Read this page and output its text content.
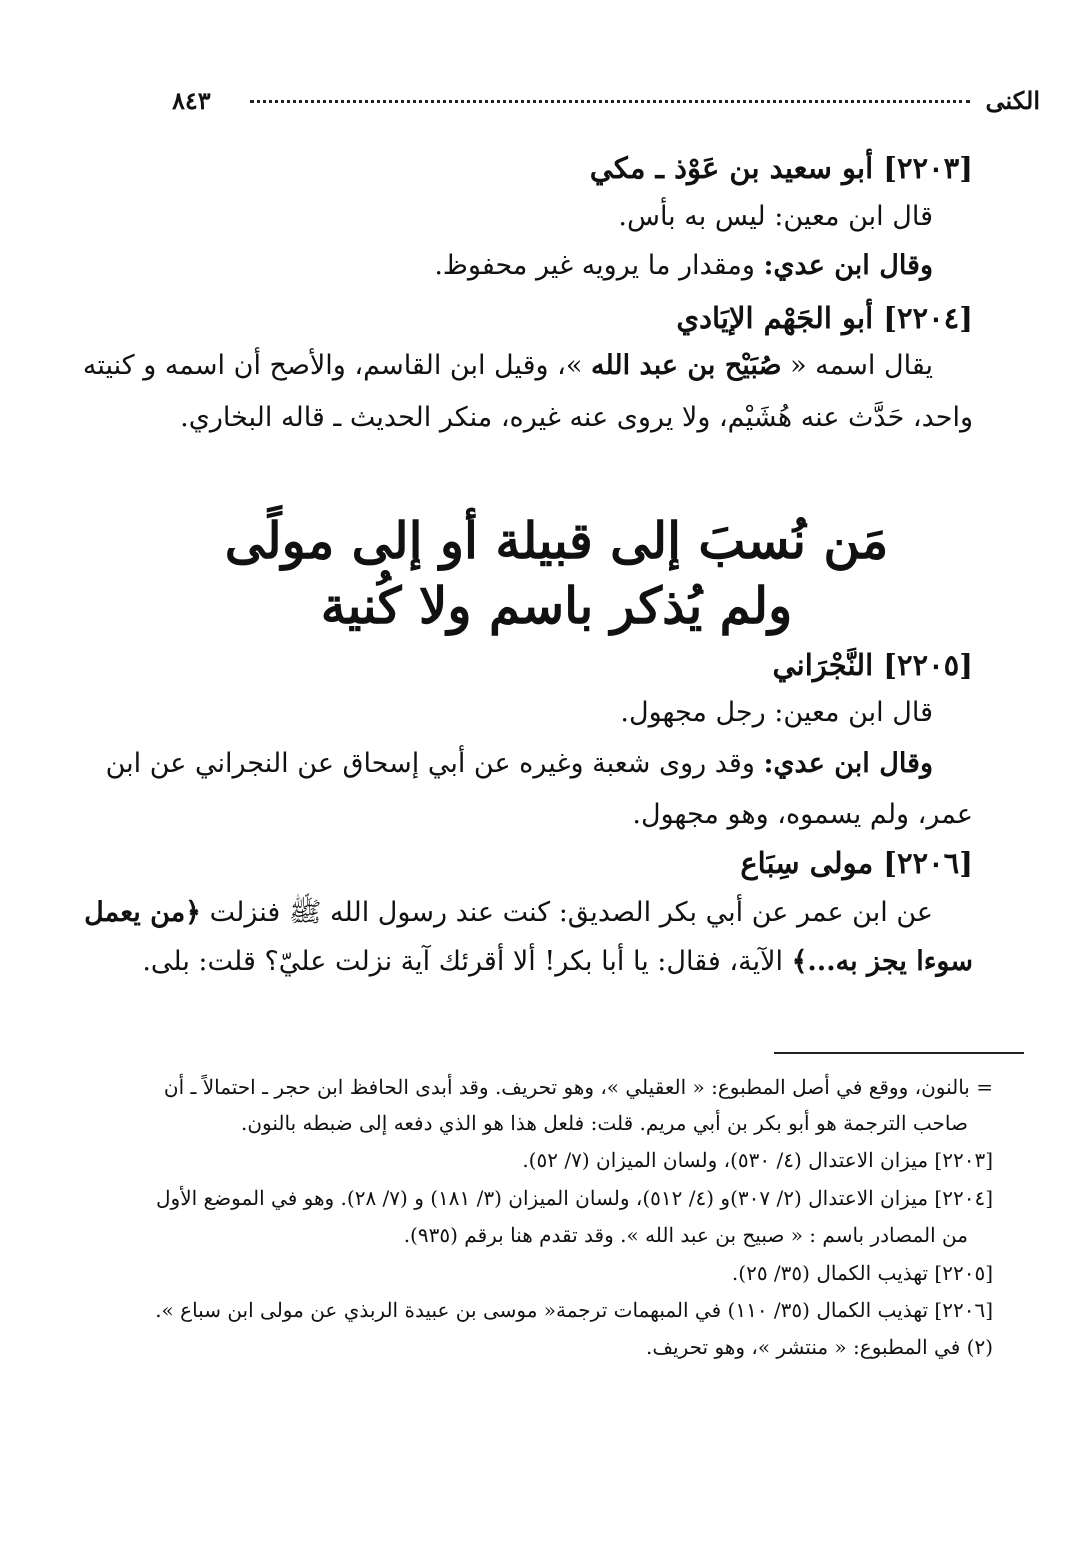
الكنى
٨٤٣
[٢٢٠٣] أبو سعيد بن عَوْذ ـ مكي
قال ابن معين: ليس به بأس.
وقال ابن عدي: ومقدار ما يرويه غير محفوظ.
[٢٢٠٤] أبو الجَهْم الإيَادي
يقال اسمه « صُبَيْح بن عبد الله »، وقيل ابن القاسم، والأصح أن اسمه و كنيته
واحد، حَدَّث عنه هُشَيْم، ولا يروى عنه غيره، منكر الحديث ـ قاله البخاري.
مَن نُسبَ إلى قبيلة أو إلى مولًى
ولم يُذكر باسم ولا كُنية
[٢٢٠٥] النَّجْرَاني
قال ابن معين: رجل مجهول.
وقال ابن عدي: وقد روى شعبة وغيره عن أبي إسحاق عن النجراني عن ابن
عمر، ولم يسموه، وهو مجهول.
[٢٢٠٦] مولى سِبَاع
عن ابن عمر عن أبي بكر الصديق: كنت عند رسول الله ﷺ فنزلت ﴿من يعمل
سوءا يجز به...﴾ الآية، فقال: يا أبا بكر! ألا أقرئك آية نزلت عليّ؟ قلت: بلى.
= بالنون، ووقع في أصل المطبوع: « العقيلي »، وهو تحريف. وقد أبدى الحافظ ابن حجر ـ احتمالاً ـ أن
صاحب الترجمة هو أبو بكر بن أبي مريم. قلت: فلعل هذا هو الذي دفعه إلى ضبطه بالنون.
[٢٢٠٣] ميزان الاعتدال (٤/ ٥٣٠)، ولسان الميزان (٧/ ٥٢).
[٢٢٠٤] ميزان الاعتدال (٢/ ٣٠٧)و (٤/ ٥١٢)، ولسان الميزان (٣/ ١٨١) و (٧/ ٢٨). وهو في الموضع الأول
من المصادر باسم : « صبيح بن عبد الله ». وقد تقدم هنا برقم (٩٣٥).
[٢٢٠٥] تهذيب الكمال (٣٥/ ٢٥).
[٢٢٠٦] تهذيب الكمال (٣٥/ ١١٠) في المبهمات ترجمة« موسى بن عبيدة الربذي عن مولى ابن سباع ».
(٢) في المطبوع: « منتشر »، وهو تحريف.
